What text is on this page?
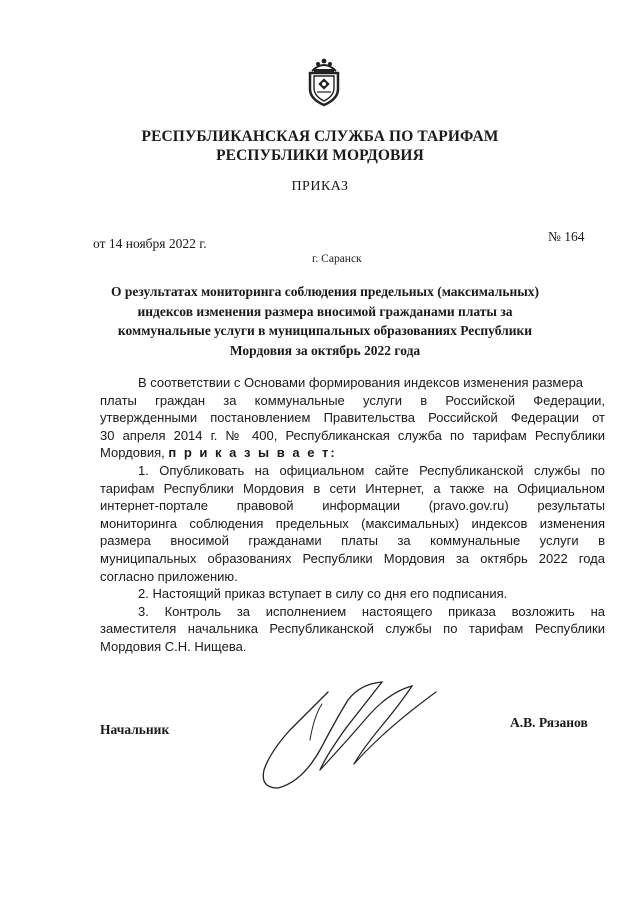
РЕСПУБЛИКАНСКАЯ СЛУЖБА ПО ТАРИФАМ
РЕСПУБЛИКИ МОРДОВИЯ
ПРИКАЗ
от 14 ноября 2022 г.	№ 164
г. Саранск
О результатах мониторинга соблюдения предельных (максимальных)
индексов изменения размера вносимой гражданами платы за
коммунальные услуги в муниципальных образованиях Республики
Мордовия за октябрь 2022 года
В соответствии с Основами формирования индексов изменения размера
платы граждан за коммунальные услуги в Российской Федерации,
утвержденными постановлением Правительства Российской Федерации от
30 апреля 2014 г. № 400, Республиканская служба по тарифам Республики
Мордовия, п р и к а з ы в а е т:
1. Опубликовать на официальном сайте Республиканской службы по
тарифам Республики Мордовия в сети Интернет, а также на Официальном
интернет-портале правовой информации (pravo.gov.ru) результаты
мониторинга соблюдения предельных (максимальных) индексов изменения
размера вносимой гражданами платы за коммунальные услуги в
муниципальных образованиях Республики Мордовия за октябрь 2022 года
согласно приложению.
2. Настоящий приказ вступает в силу со дня его подписания.
3. Контроль за исполнением настоящего приказа возложить на
заместителя начальника Республиканской службы по тарифам Республики
Мордовия С.Н. Нищева.
Начальник	А.В. Рязанов
